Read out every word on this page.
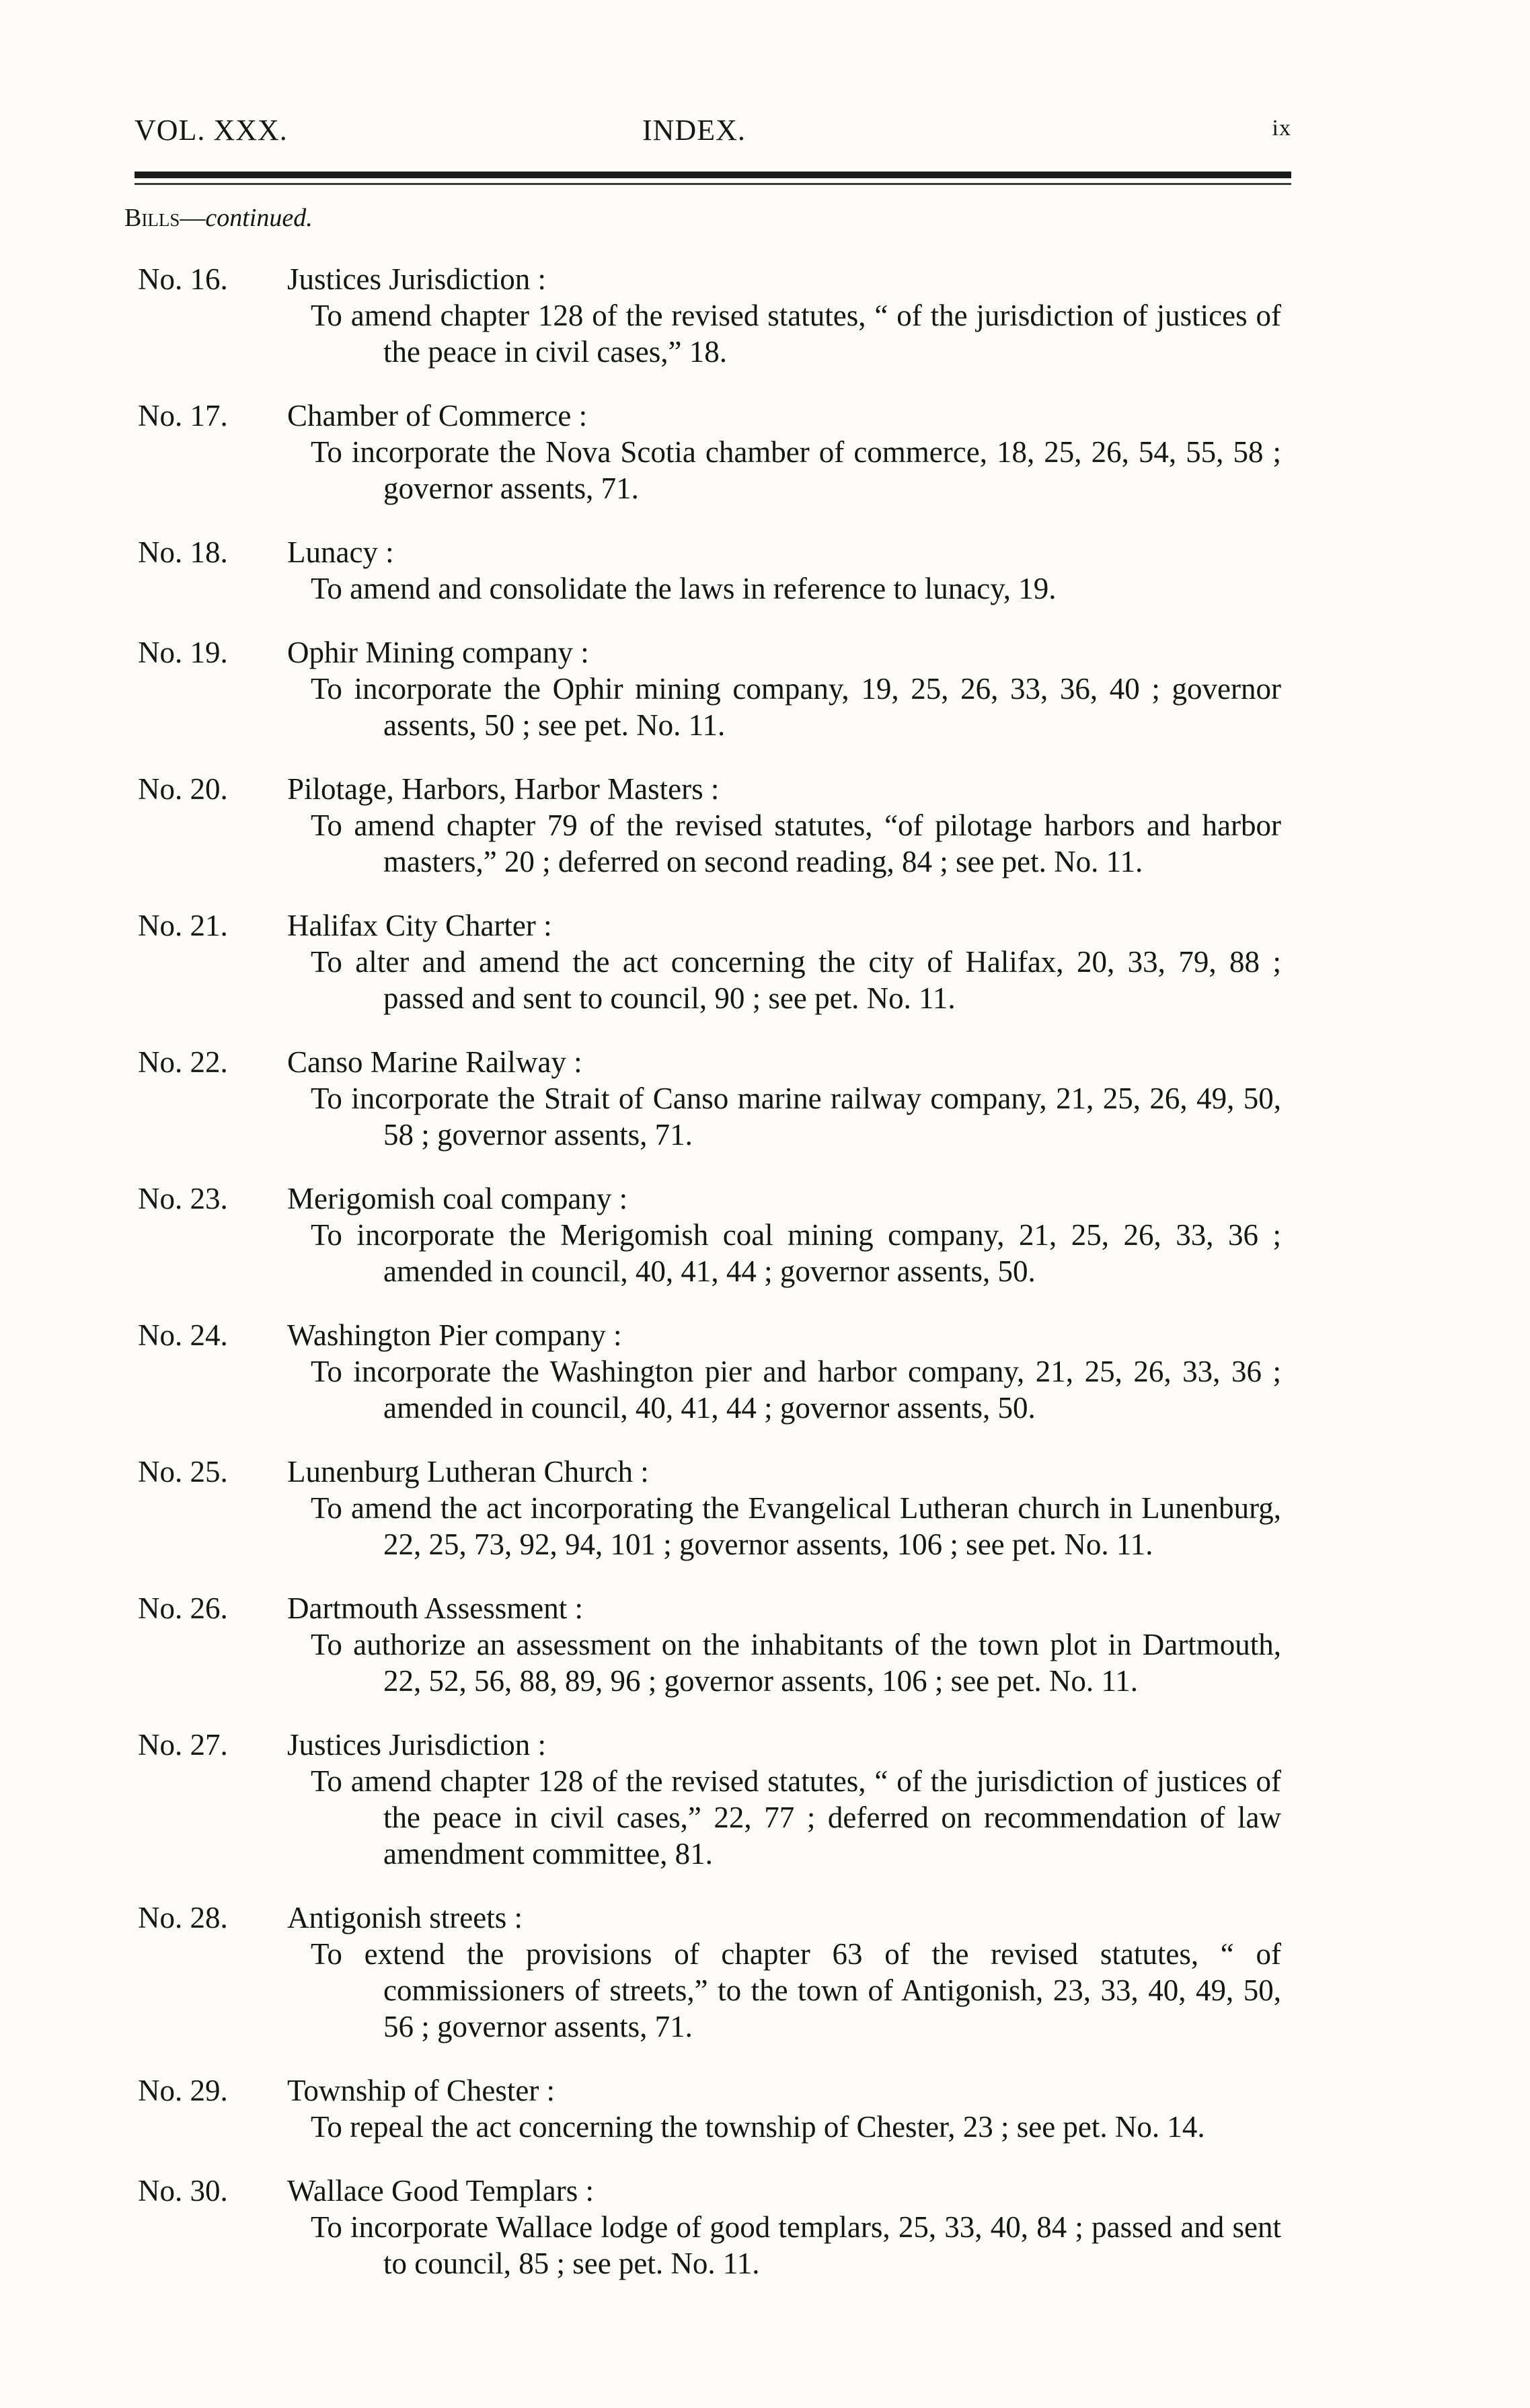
VOL. XXX.	INDEX.	ix
Bills—continued.
No. 16. Justices Jurisdiction :
To amend chapter 128 of the revised statutes, “ of the jurisdiction of justices of the peace in civil cases,” 18.
No. 17. Chamber of Commerce :
To incorporate the Nova Scotia chamber of commerce, 18, 25, 26, 54, 55, 58 ; governor assents, 71.
No. 18. Lunacy :
To amend and consolidate the laws in reference to lunacy, 19.
No. 19. Ophir Mining company :
To incorporate the Ophir mining company, 19, 25, 26, 33, 36, 40 ; governor assents, 50 ; see pet. No. 11.
No. 20. Pilotage, Harbors, Harbor Masters :
To amend chapter 79 of the revised statutes, “of pilotage harbors and harbor masters,” 20 ; deferred on second reading, 84 ; see pet. No. 11.
No. 21. Halifax City Charter :
To alter and amend the act concerning the city of Halifax, 20, 33, 79, 88 ; passed and sent to council, 90 ; see pet. No. 11.
No. 22. Canso Marine Railway :
To incorporate the Strait of Canso marine railway company, 21, 25, 26, 49, 50, 58 ; governor assents, 71.
No. 23. Merigomish coal company :
To incorporate the Merigomish coal mining company, 21, 25, 26, 33, 36 ; amended in council, 40, 41, 44 ; governor assents, 50.
No. 24. Washington Pier company :
To incorporate the Washington pier and harbor company, 21, 25, 26, 33, 36 ; amended in council, 40, 41, 44 ; governor assents, 50.
No. 25. Lunenburg Lutheran Church :
To amend the act incorporating the Evangelical Lutheran church in Lunenburg, 22, 25, 73, 92, 94, 101 ; governor assents, 106 ; see pet. No. 11.
No. 26. Dartmouth Assessment :
To authorize an assessment on the inhabitants of the town plot in Dartmouth, 22, 52, 56, 88, 89, 96 ; governor assents, 106 ; see pet. No. 11.
No. 27. Justices Jurisdiction :
To amend chapter 128 of the revised statutes, “ of the jurisdiction of justices of the peace in civil cases,” 22, 77 ; deferred on recommendation of law amendment committee, 81.
No. 28. Antigonish streets :
To extend the provisions of chapter 63 of the revised statutes, “ of commissioners of streets,” to the town of Antigonish, 23, 33, 40, 49, 50, 56 ; governor assents, 71.
No. 29. Township of Chester :
To repeal the act concerning the township of Chester, 23 ; see pet. No. 14.
No. 30. Wallace Good Templars :
To incorporate Wallace lodge of good templars, 25, 33, 40, 84 ; passed and sent to council, 85 ; see pet. No. 11.
